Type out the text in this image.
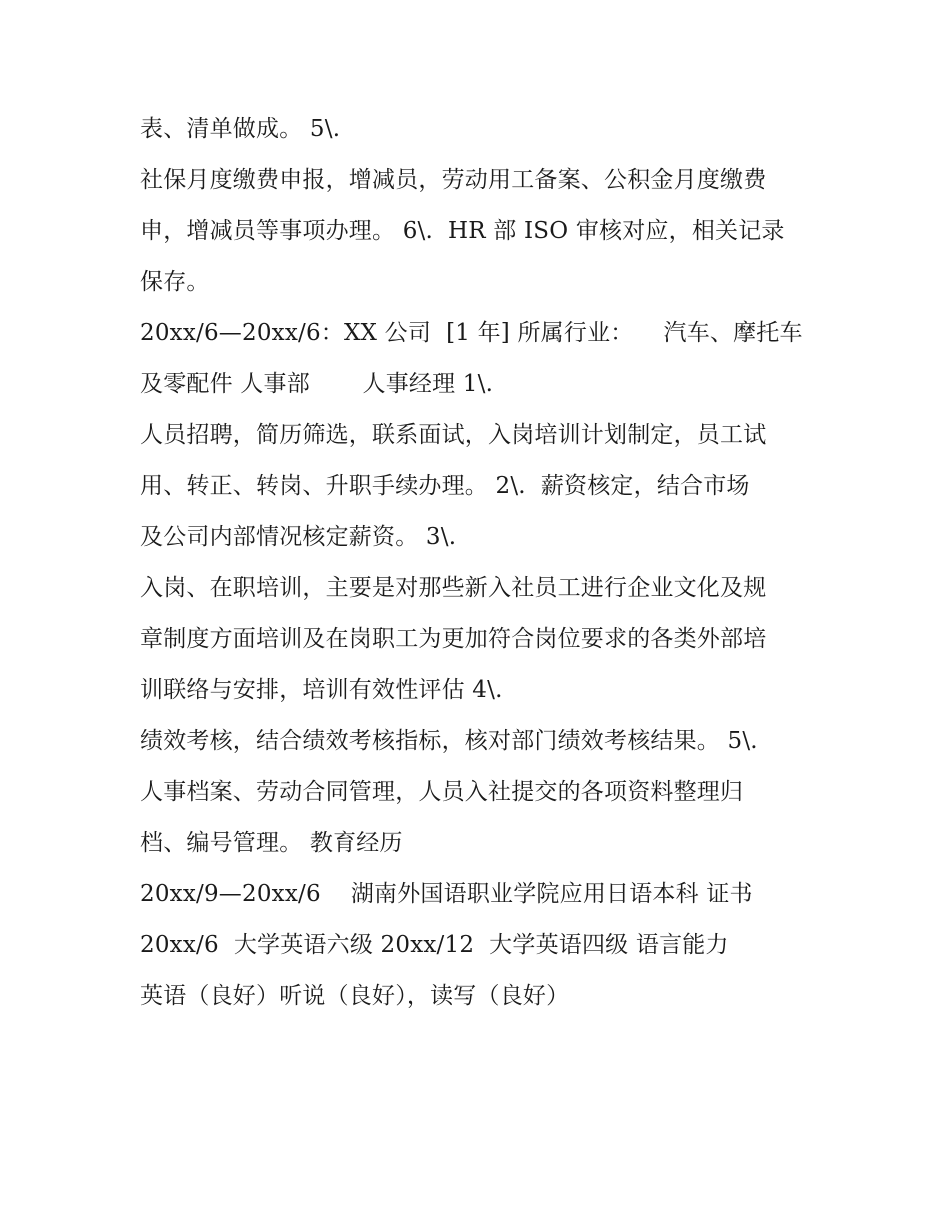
表、清单做成。 5\.
社保月度缴费申报，增减员，劳动用工备案、公积金月度缴费
申，增减员等事项办理。 6\.  HR 部 ISO 审核对应，相关记录
保存。
20xx/6—20xx/6：XX 公司  [1 年] 所属行业：    汽车、摩托车
及零配件 人事部       人事经理 1\.
人员招聘，简历筛选，联系面试，入岗培训计划制定，员工试
用、转正、转岗、升职手续办理。 2\.  薪资核定，结合市场
及公司内部情况核定薪资。 3\.
入岗、在职培训，主要是对那些新入社员工进行企业文化及规
章制度方面培训及在岗职工为更加符合岗位要求的各类外部培
训联络与安排，培训有效性评估 4\.
绩效考核，结合绩效考核指标，核对部门绩效考核结果。 5\.
人事档案、劳动合同管理，人员入社提交的各项资料整理归
档、编号管理。 教育经历
20xx/9—20xx/6    湖南外国语职业学院应用日语本科 证书
20xx/6  大学英语六级 20xx/12  大学英语四级 语言能力
英语（良好）听说（良好），读写（良好）
